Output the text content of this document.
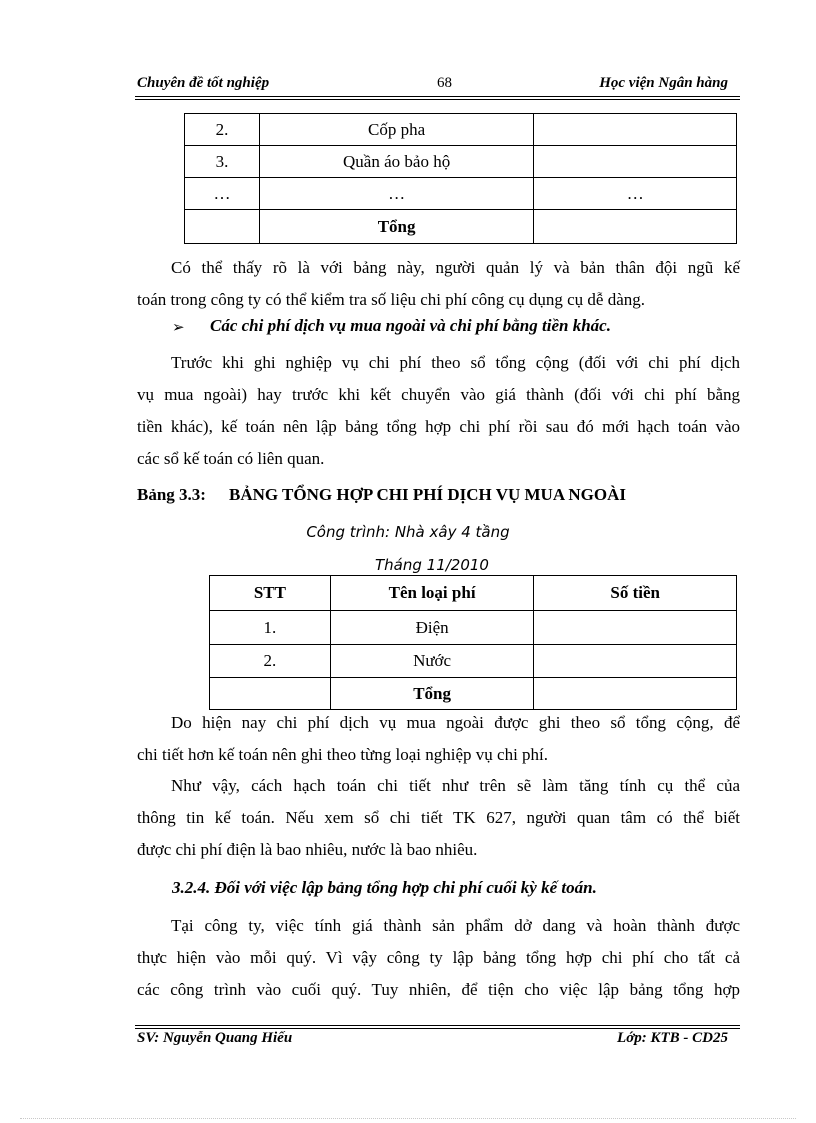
Chuyên đề tốt nghiệp	68	Học viện Ngân hàng
2.	Cốp pha	
3.	Quần áo bảo hộ	
…	…	…
	Tổng	
Có thể thấy rõ là với bảng này, người quản lý và bản thân đội ngũ kế
toán trong công ty có thể kiểm tra số liệu chi phí công cụ dụng cụ dễ dàng.
➢ Các chi phí dịch vụ mua ngoài và chi phí bằng tiền khác.
Trước khi ghi nghiệp vụ chi phí theo sổ tổng cộng (đối với chi phí dịch
vụ mua ngoài) hay trước khi kết chuyển vào giá thành (đối với chi phí bằng
tiền khác), kế toán nên lập bảng tổng hợp chi phí rồi sau đó mới hạch toán vào
các sổ kế toán có liên quan.
Bảng 3.3: BẢNG TỔNG HỢP CHI PHÍ DỊCH VỤ MUA NGOÀI
Công trình: Nhà xây 4 tầng
Tháng 11/2010
STT	Tên loại phí	Số tiền
1.	Điện	
2.	Nước	
	Tổng	
Do hiện nay chi phí dịch vụ mua ngoài được ghi theo sổ tổng cộng, để
chi tiết hơn kế toán nên ghi theo từng loại nghiệp vụ chi phí.
Như vậy, cách hạch toán chi tiết như trên sẽ làm tăng tính cụ thể của
thông tin kế toán. Nếu xem sổ chi tiết TK 627, người quan tâm có thể biết
được chi phí điện là bao nhiêu, nước là bao nhiêu.
3.2.4. Đối với việc lập bảng tổng hợp chi phí cuối kỳ kế toán.
Tại công ty, việc tính giá thành sản phẩm dở dang và hoàn thành được
thực hiện vào mỗi quý. Vì vậy công ty lập bảng tổng hợp chi phí cho tất cả
các công trình vào cuối quý. Tuy nhiên, để tiện cho việc lập bảng tổng hợp
SV: Nguyễn Quang Hiếu	Lớp: KTB - CD25
